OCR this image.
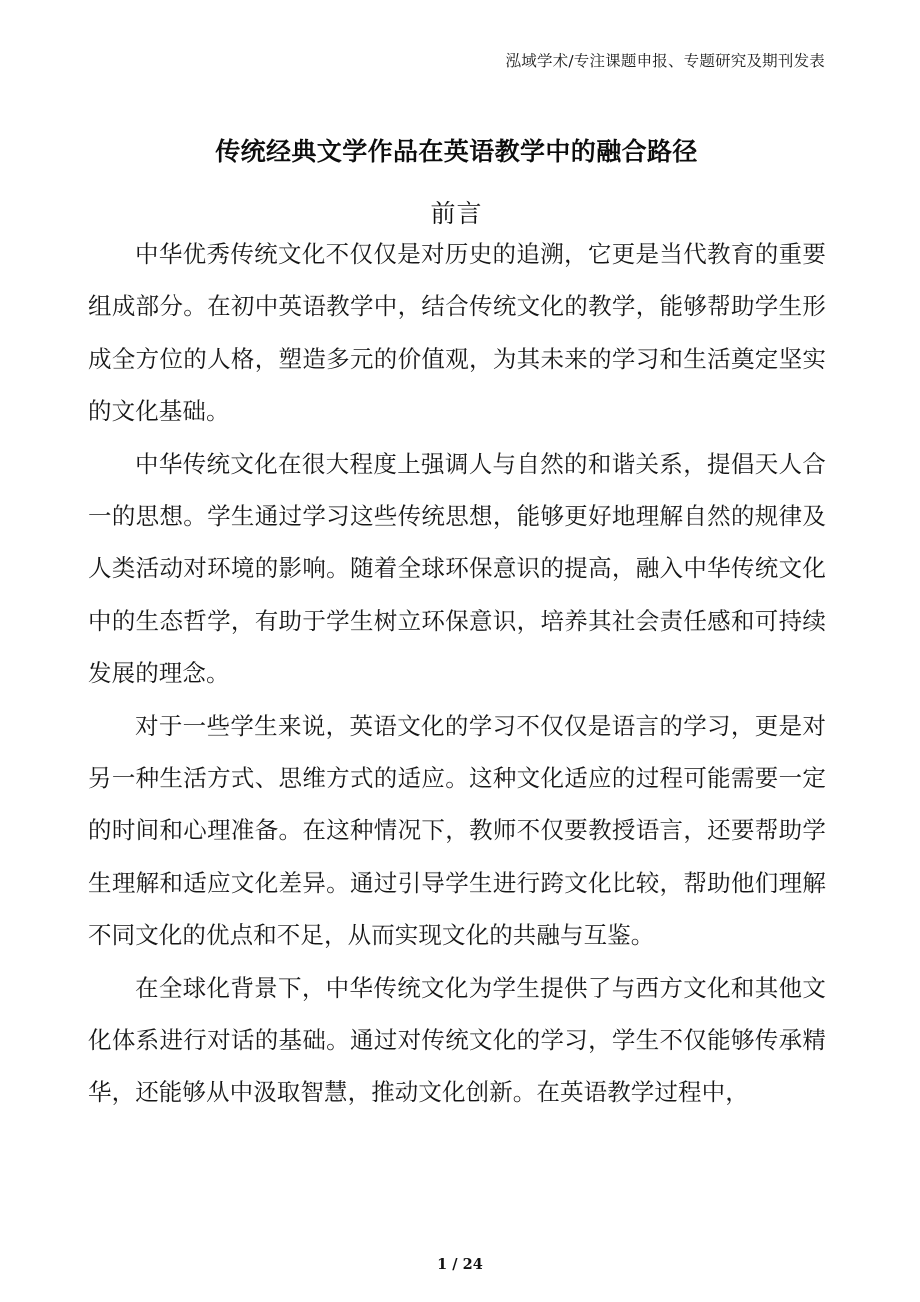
泓域学术/专注课题申报、专题研究及期刊发表
传统经典文学作品在英语教学中的融合路径
前言

中华优秀传统文化不仅仅是对历史的追溯，它更是当代教育的重要组成部分。在初中英语教学中，结合传统文化的教学，能够帮助学生形成全方位的人格，塑造多元的价值观，为其未来的学习和生活奠定坚实的文化基础。

中华传统文化在很大程度上强调人与自然的和谐关系，提倡天人合一的思想。学生通过学习这些传统思想，能够更好地理解自然的规律及人类活动对环境的影响。随着全球环保意识的提高，融入中华传统文化中的生态哲学，有助于学生树立环保意识，培养其社会责任感和可持续发展的理念。

对于一些学生来说，英语文化的学习不仅仅是语言的学习，更是对另一种生活方式、思维方式的适应。这种文化适应的过程可能需要一定的时间和心理准备。在这种情况下，教师不仅要教授语言，还要帮助学生理解和适应文化差异。通过引导学生进行跨文化比较，帮助他们理解不同文化的优点和不足，从而实现文化的共融与互鉴。

在全球化背景下，中华传统文化为学生提供了与西方文化和其他文化体系进行对话的基础。通过对传统文化的学习，学生不仅能够传承精华，还能够从中汲取智慧，推动文化创新。在英语教学过程中，

1 / 24
